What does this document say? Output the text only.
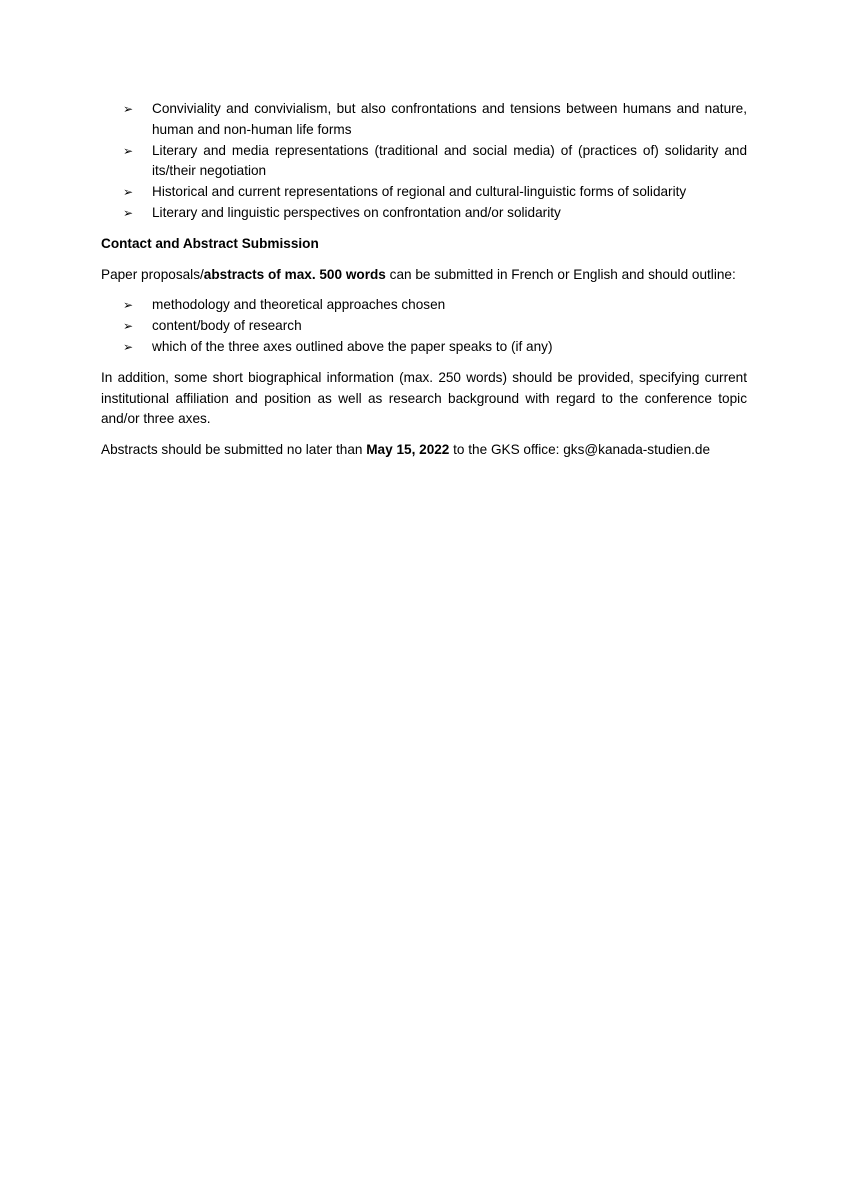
➢ Conviviality and convivialism, but also confrontations and tensions between humans and nature, human and non-human life forms
➢ Literary and media representations (traditional and social media) of (practices of) solidarity and its/their negotiation
➢ Historical and current representations of regional and cultural-linguistic forms of solidarity
➢ Literary and linguistic perspectives on confrontation and/or solidarity
Contact and Abstract Submission
Paper proposals/abstracts of max. 500 words can be submitted in French or English and should outline:
➢ methodology and theoretical approaches chosen
➢ content/body of research
➢ which of the three axes outlined above the paper speaks to (if any)
In addition, some short biographical information (max. 250 words) should be provided, specifying current institutional affiliation and position as well as research background with regard to the conference topic and/or three axes.
Abstracts should be submitted no later than May 15, 2022 to the GKS office: gks@kanada-studien.de
